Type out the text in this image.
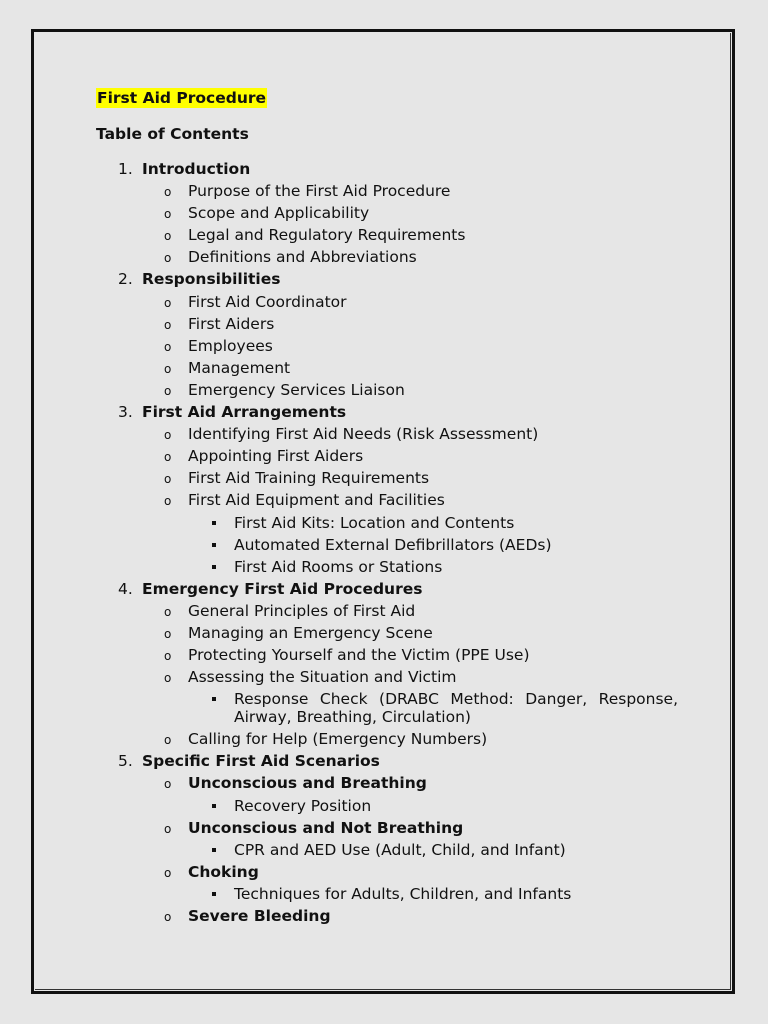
First Aid Procedure
Table of Contents
1. Introduction
o Purpose of the First Aid Procedure
o Scope and Applicability
o Legal and Regulatory Requirements
o Definitions and Abbreviations
2. Responsibilities
o First Aid Coordinator
o First Aiders
o Employees
o Management
o Emergency Services Liaison
3. First Aid Arrangements
o Identifying First Aid Needs (Risk Assessment)
o Appointing First Aiders
o First Aid Training Requirements
o First Aid Equipment and Facilities
First Aid Kits: Location and Contents
Automated External Defibrillators (AEDs)
First Aid Rooms or Stations
4. Emergency First Aid Procedures
o General Principles of First Aid
o Managing an Emergency Scene
o Protecting Yourself and the Victim (PPE Use)
o Assessing the Situation and Victim
Response Check (DRABC Method: Danger, Response, Airway, Breathing, Circulation)
o Calling for Help (Emergency Numbers)
5. Specific First Aid Scenarios
o Unconscious and Breathing
Recovery Position
o Unconscious and Not Breathing
CPR and AED Use (Adult, Child, and Infant)
o Choking
Techniques for Adults, Children, and Infants
o Severe Bleeding
